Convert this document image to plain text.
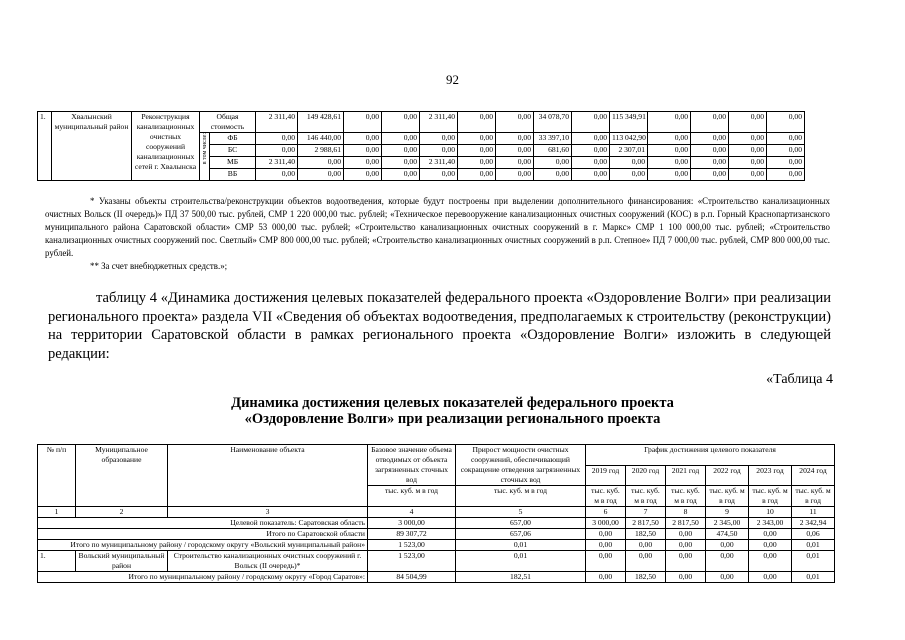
92
1.	Хвалынский муниципальный район	Реконструкция канализационных очистных сооружений канализационных сетей г. Хвалынска	Общая стоимость		2 311,40	149 428,61	0,00	0,00	2 311,40	0,00	0,00	34 078,70	0,00	115 349,91	0,00	0,00	0,00	0,00
			в том числе:	ФБ	0,00	146 440,00	0,00	0,00	0,00	0,00	0,00	33 397,10	0,00	113 042,90	0,00	0,00	0,00	0,00
				БС	0,00	2 988,61	0,00	0,00	0,00	0,00	0,00	681,60	0,00	2 307,01	0,00	0,00	0,00	0,00
				МБ	2 311,40	0,00	0,00	0,00	2 311,40	0,00	0,00	0,00	0,00	0,00	0,00	0,00	0,00	0,00
				ВБ	0,00	0,00	0,00	0,00	0,00	0,00	0,00	0,00	0,00	0,00	0,00	0,00	0,00	0,00
* Указаны объекты строительства/реконструкции объектов водоотведения, которые будут построены при выделении дополнительного финансирования: «Строительство канализационных очистных Вольск (II очередь)» ПД 37 500,00 тыс. рублей, СМР 1 220 000,00 тыс. рублей; «Техническое перевооружение канализационных очистных сооружений (КОС) в р.п. Горный Краснопартизанского муниципального района Саратовской области» СМР 53 000,00 тыс. рублей; «Строительство канализационных очистных сооружений в г. Маркс» СМР 1 100 000,00 тыс. рублей; «Строительство канализационных очистных сооружений пос. Светлый» СМР 800 000,00 тыс. рублей; «Строительство канализационных очистных сооружений в р.п. Степное» ПД 7 000,00 тыс. рублей, СМР 800 000,00 тыс. рублей.
** За счет внебюджетных средств.»;
таблицу 4 «Динамика достижения целевых показателей федерального проекта «Оздоровление Волги» при реализации регионального проекта» раздела VII «Сведения об объектах водоотведения, предполагаемых к строительству (реконструкции) на территории Саратовской области в рамках регионального проекта «Оздоровление Волги» изложить в следующей редакции:
«Таблица 4
Динамика достижения целевых показателей федерального проекта
«Оздоровление Волги» при реализации регионального проекта
№ п/п	Муниципальное образование	Наименование объекта	Базовое значение объема отводимых от объекта загрязненных сточных вод	Прирост мощности очистных сооружений, обеспечивающий сокращение отведения загрязненных сточных вод	График достижения целевого показателя					
					2019 год	2020 год	2021 год	2022 год	2023 год	2024 год
			тыс. куб. м в год	тыс. куб. м в год	тыс. куб. м в год	тыс. куб. м в год	тыс. куб. м в год	тыс. куб. м в год	тыс. куб. м в год	тыс. куб. м в год
1	2	3	4	5	6	7	8	9	10	11
Целевой показатель: Саратовская область			3 000,00	657,00	3 000,00	2 817,50	2 817,50	2 345,00	2 343,00	2 342,94
Итого по Саратовской области			89 307,72	657,06	0,00	182,50	0,00	474,50	0,00	0,06
Итого по муниципальному району / городскому округу «Вольский муниципальный район»			1 523,00	0,01	0,00	0,00	0,00	0,00	0,00	0,01
1.	Вольский муниципальный район	Строительство канализационных очистных сооружений г. Вольск (II очередь)*	1 523,00	0,01	0,00	0,00	0,00	0,00	0,00	0,01
Итого по муниципальному району / городскому округу «Город Саратов»:			84 504,99	182,51	0,00	182,50	0,00	0,00	0,00	0,01
